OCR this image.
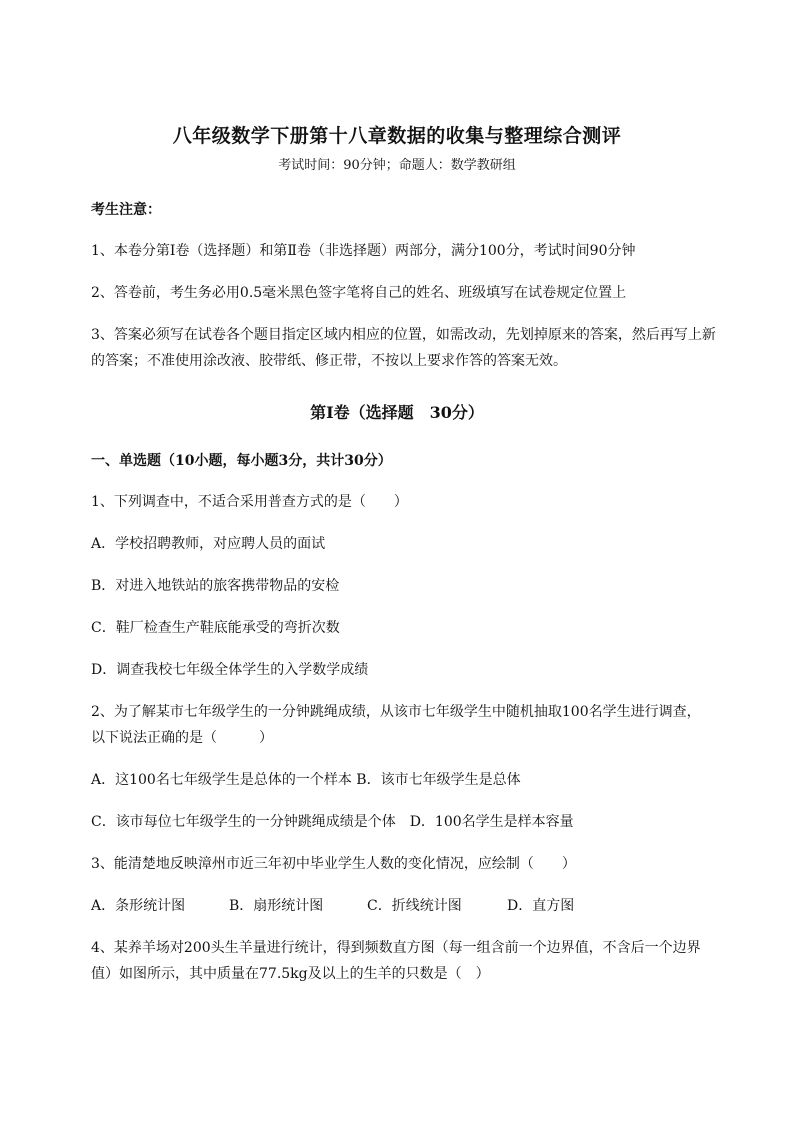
八年级数学下册第十八章数据的收集与整理综合测评
考试时间：90分钟；命题人：数学教研组
考生注意：
1、本卷分第I卷（选择题）和第Ⅱ卷（非选择题）两部分，满分100分，考试时间90分钟
2、答卷前，考生务必用0.5毫米黑色签字笔将自己的姓名、班级填写在试卷规定位置上
3、答案必须写在试卷各个题目指定区域内相应的位置，如需改动，先划掉原来的答案，然后再写上新
的答案；不准使用涂改液、胶带纸、修正带，不按以上要求作答的答案无效。
第I卷（选择题　30分）
一、单选题（10小题，每小题3分，共计30分）
1、下列调查中，不适合采用普查方式的是（　　）
A．学校招聘教师，对应聘人员的面试
B．对进入地铁站的旅客携带物品的安检
C．鞋厂检查生产鞋底能承受的弯折次数
D．调查我校七年级全体学生的入学数学成绩
2、为了解某市七年级学生的一分钟跳绳成绩，从该市七年级学生中随机抽取100名学生进行调查，
以下说法正确的是（　　　）
A．这100名七年级学生是总体的一个样本 B．该市七年级学生是总体
C．该市每位七年级学生的一分钟跳绳成绩是个体　D．100名学生是样本容量
3、能清楚地反映漳州市近三年初中毕业学生人数的变化情况，应绘制（　　）
A．条形统计图	B．扇形统计图	C．折线统计图	D．直方图
4、某养羊场对200头生羊量进行统计，得到频数直方图（每一组含前一个边界值，不含后一个边界
值）如图所示，其中质量在77.5kg及以上的生羊的只数是（　）
